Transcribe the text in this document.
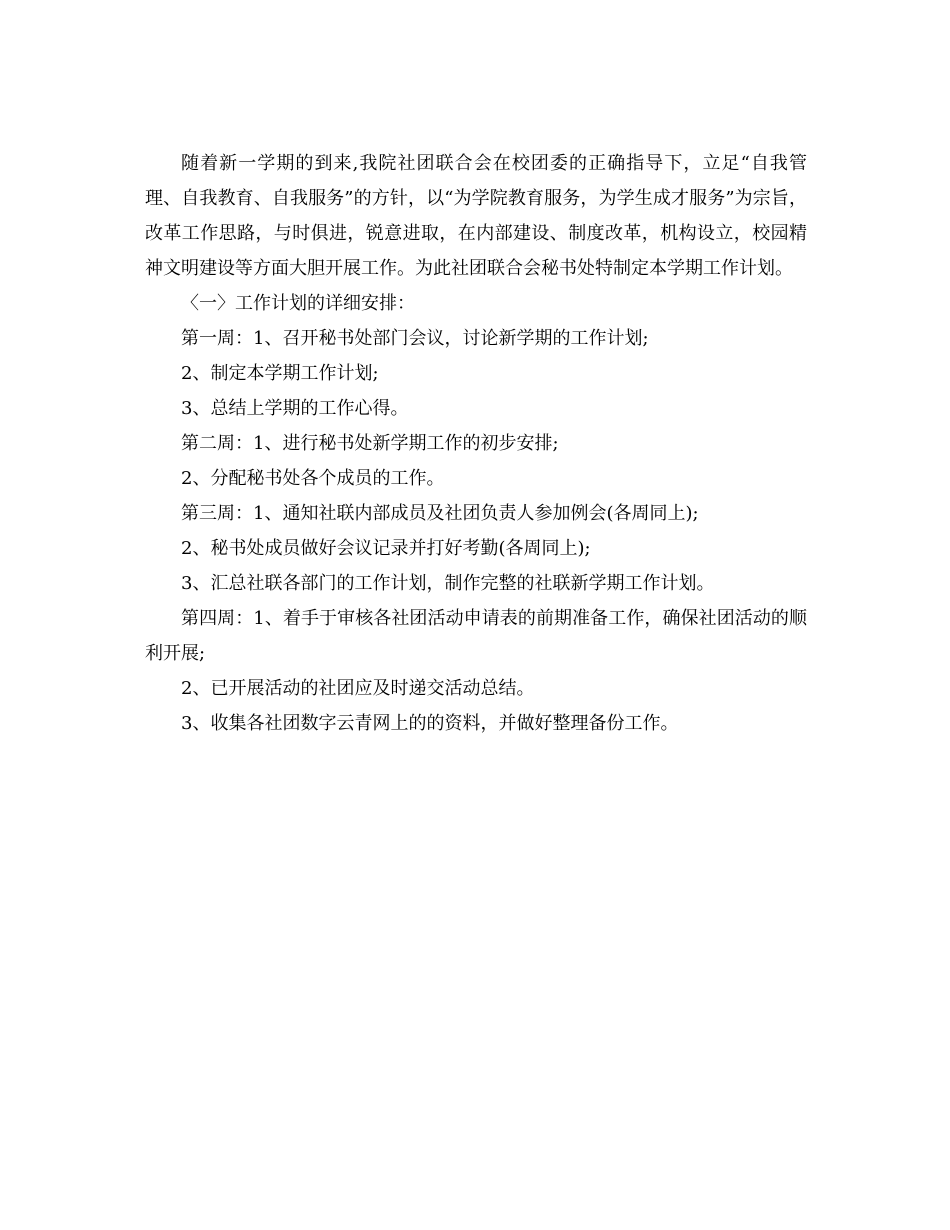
随着新一学期的到来,我院社团联合会在校团委的正确指导下，立足“自我管理、自我教育、自我服务”的方针，以“为学院教育服务，为学生成才服务”为宗旨，改革工作思路，与时俱进，锐意进取，在内部建设、制度改革，机构设立，校园精神文明建设等方面大胆开展工作。为此社团联合会秘书处特制定本学期工作计划。

〈一〉工作计划的详细安排：

第一周：1、召开秘书处部门会议，讨论新学期的工作计划;

2、制定本学期工作计划;

3、总结上学期的工作心得。

第二周：1、进行秘书处新学期工作的初步安排;

2、分配秘书处各个成员的工作。

第三周：1、通知社联内部成员及社团负责人参加例会(各周同上);

2、秘书处成员做好会议记录并打好考勤(各周同上);

3、汇总社联各部门的工作计划，制作完整的社联新学期工作计划。

第四周：1、着手于审核各社团活动申请表的前期准备工作，确保社团活动的顺利开展;

2、已开展活动的社团应及时递交活动总结。

3、收集各社团数字云青网上的的资料，并做好整理备份工作。
